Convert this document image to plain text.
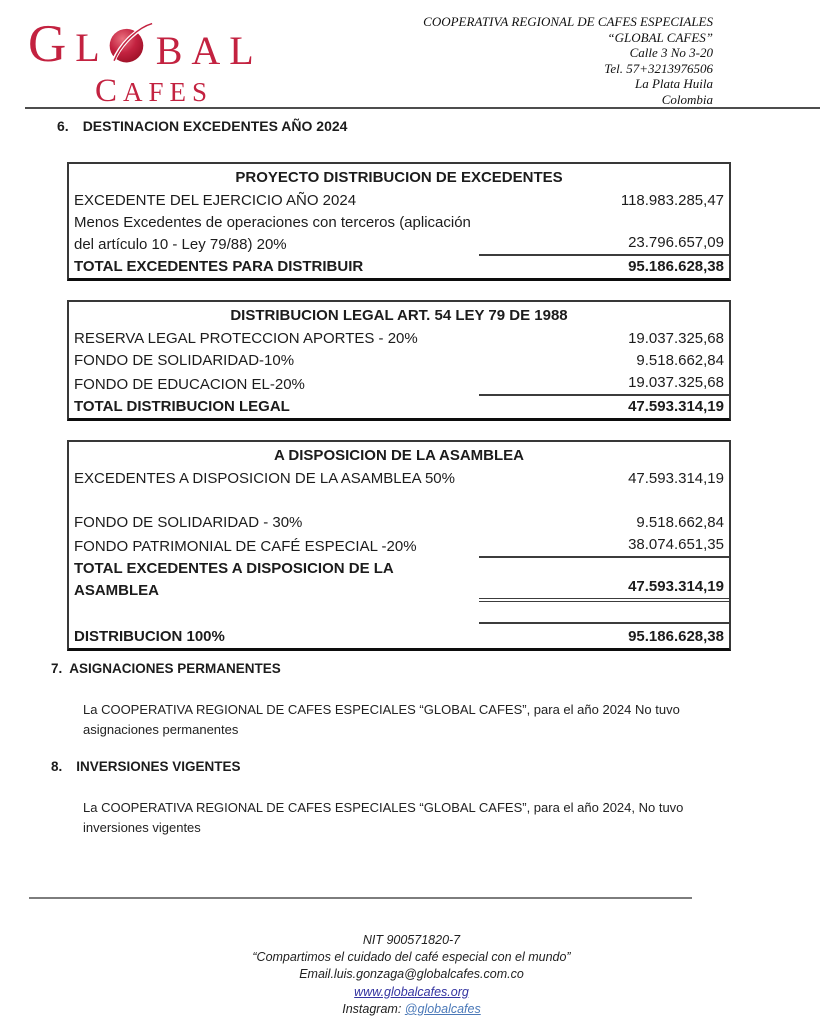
GL BAL
CAFES
COOPERATIVA REGIONAL DE CAFES ESPECIALES
“GLOBAL CAFES”
Calle 3 No 3-20
Tel. 57+3213976506
La Plata Huila
Colombia
6. DESTINACION EXCEDENTES AÑO 2024
PROYECTO DISTRIBUCION DE EXCEDENTES
EXCEDENTE DEL EJERCICIO AÑO 2024	118.983.285,47
Menos Excedentes de operaciones con terceros (aplicación del artículo 10 - Ley 79/88) 20%	23.796.657,09
TOTAL EXCEDENTES PARA DISTRIBUIR	95.186.628,38
DISTRIBUCION LEGAL ART. 54 LEY 79 DE 1988
RESERVA LEGAL PROTECCION APORTES - 20%	19.037.325,68
FONDO DE SOLIDARIDAD-10%	9.518.662,84
FONDO DE EDUCACION EL-20%	19.037.325,68
TOTAL DISTRIBUCION LEGAL	47.593.314,19
A DISPOSICION DE LA ASAMBLEA
EXCEDENTES A DISPOSICION DE LA ASAMBLEA 50%	47.593.314,19
FONDO DE SOLIDARIDAD - 30%	9.518.662,84
FONDO PATRIMONIAL DE CAFÉ ESPECIAL -20%	38.074.651,35
TOTAL EXCEDENTES A DISPOSICION DE LA ASAMBLEA	47.593.314,19
DISTRIBUCION 100%	95.186.628,38
7. ASIGNACIONES PERMANENTES
La COOPERATIVA REGIONAL DE CAFES ESPECIALES “GLOBAL CAFES”, para el año 2024 No tuvo asignaciones permanentes
8. INVERSIONES VIGENTES
La COOPERATIVA REGIONAL DE CAFES ESPECIALES “GLOBAL CAFES”, para el año 2024, No tuvo inversiones vigentes
NIT 900571820-7
“Compartimos el cuidado del café especial con el mundo”
Email.luis.gonzaga@globalcafes.com.co
www.globalcafes.org
Instagram: @globalcafes
